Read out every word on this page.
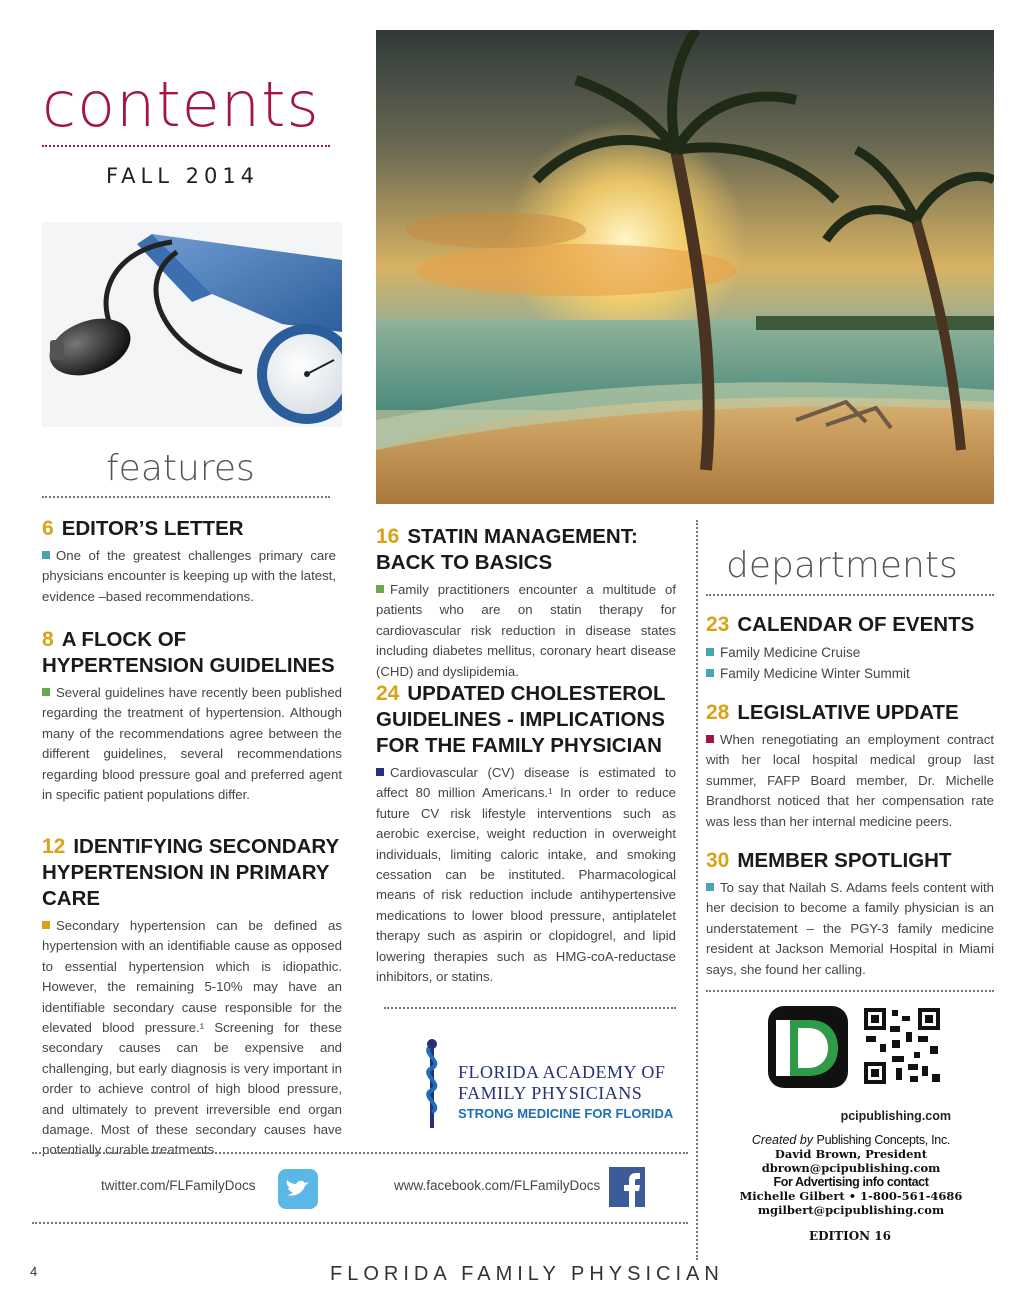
contents
FALL 2014
features
6 EDITOR’S LETTER

One of the greatest challenges primary care physicians encounter is keeping up with the latest, evidence –based recommendations.

8 A FLOCK OF HYPERTENSION GUIDELINES

Several guidelines have recently been published regarding the treatment of hypertension. Although many of the recommendations agree between the different guidelines, several recommendations regarding blood pressure goal and preferred agent in specific patient populations differ.

12 IDENTIFYING SECONDARY HYPERTENSION IN PRIMARY CARE

Secondary hypertension can be defined as hypertension with an identifiable cause as opposed to essential hypertension which is idiopathic. However, the remaining 5-10% may have an identifiable secondary cause responsible for the elevated blood pressure.¹ Screening for these secondary causes can be expensive and challenging, but early diagnosis is very important in order to achieve control of high blood pressure, and ultimately to prevent irreversible end organ damage. Most of these secondary causes have potentially curable treatments.

16 STATIN MANAGEMENT: BACK TO BASICS

Family practitioners encounter a multitude of patients who are on statin therapy for cardiovascular risk reduction in disease states including diabetes mellitus, coronary heart disease (CHD) and dyslipidemia.

24 UPDATED CHOLESTEROL GUIDELINES - IMPLICATIONS FOR THE FAMILY PHYSICIAN

Cardiovascular (CV) disease is estimated to affect 80 million Americans.¹ In order to reduce future CV risk lifestyle interventions such as aerobic exercise, weight reduction in overweight individuals, limiting caloric intake, and smoking cessation can be instituted. Pharmacological means of risk reduction include antihypertensive medications to lower blood pressure, antiplatelet therapy such as aspirin or clopidogrel, and lipid lowering therapies such as HMG-coA-reductase inhibitors, or statins.

departments
23 CALENDAR OF EVENTS
Family Medicine Cruise
Family Medicine Winter Summit
28 LEGISLATIVE UPDATE

When renegotiating an employment contract with her local hospital medical group last summer, FAFP Board member, Dr. Michelle Brandhorst noticed that her compensation rate was less than her internal medicine peers.

30 MEMBER SPOTLIGHT

To say that Nailah S. Adams feels content with her decision to become a family physician is an understatement – the PGY-3 family medicine resident at Jackson Memorial Hospital in Miami says, she found her calling.

FLORIDA ACADEMY OF
FAMILY PHYSICIANS
STRONG MEDICINE FOR FLORIDA	pcipublishing.com
Created by Publishing Concepts, Inc.
David Brown, President
dbrown@pcipublishing.com
For Advertising info contact
Michelle Gilbert • 1-800-561-4686
mgilbert@pcipublishing.com
EDITION 16
twitter.com/FLFamilyDocs	www.facebook.com/FLFamilyDocs
4	FLORIDA FAMILY PHYSICIAN
